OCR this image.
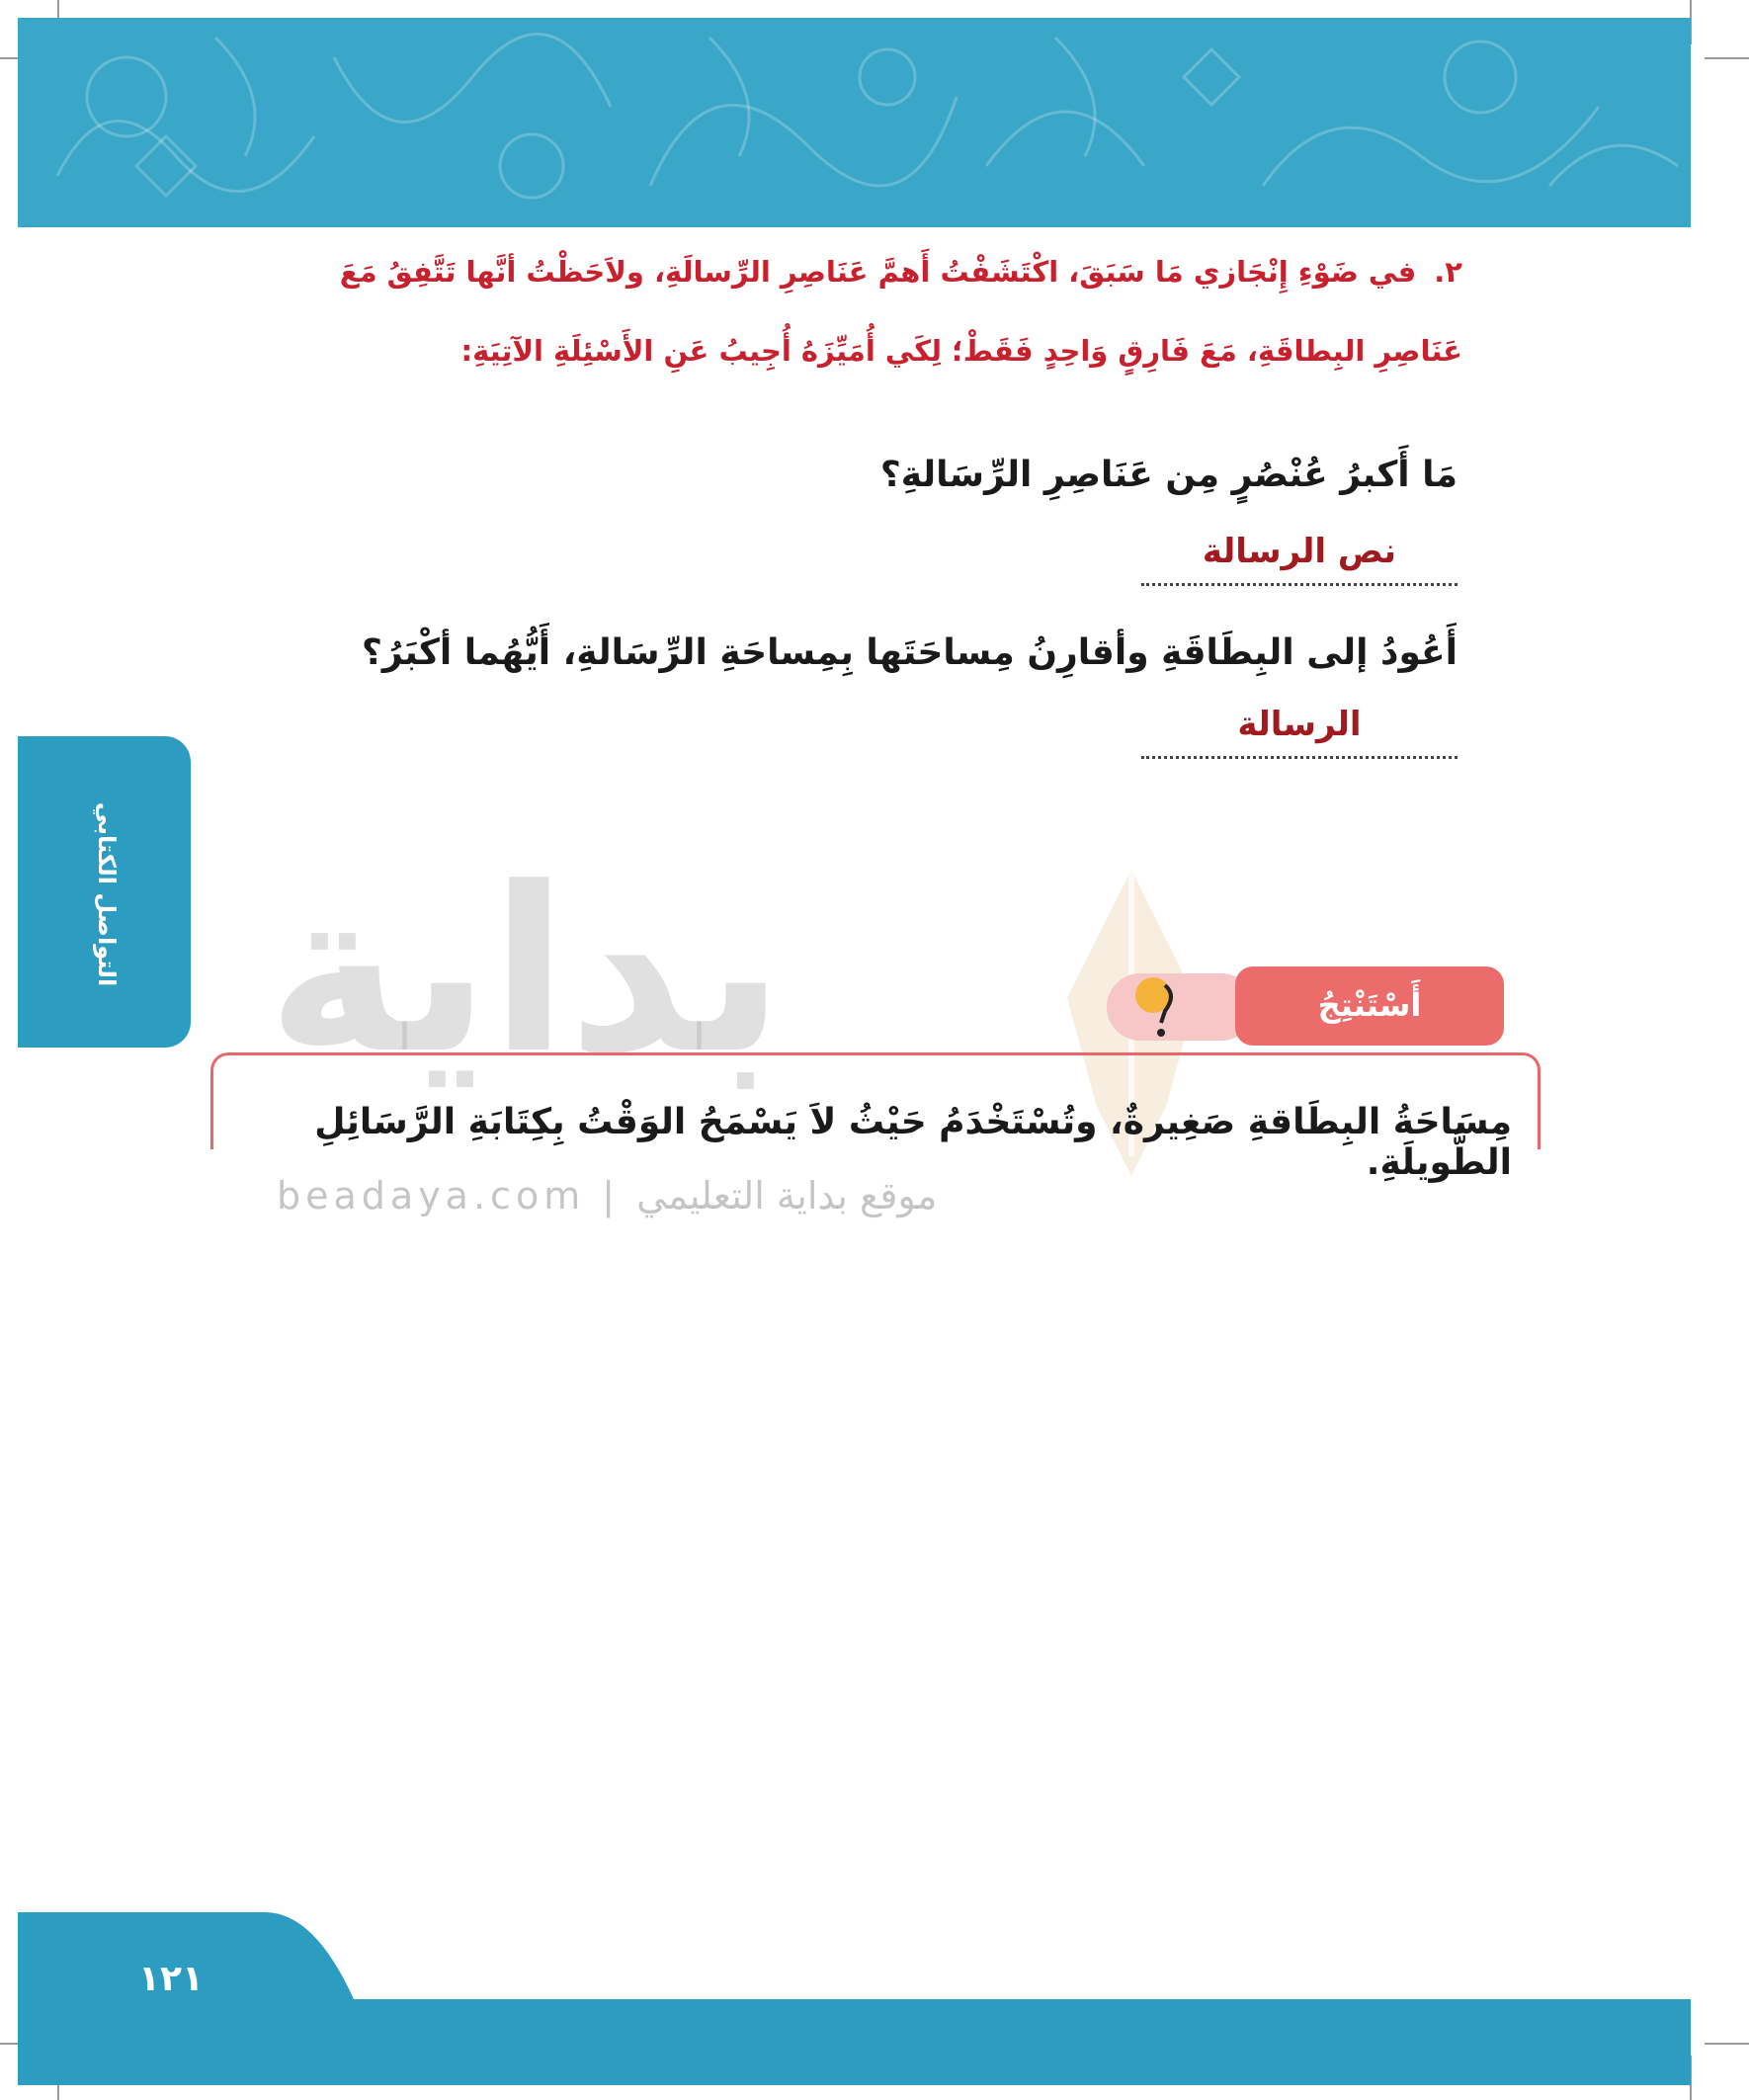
٢.في ضَوْءِ إِنْجَازي مَا سَبَقَ، اكْتَشَفْتُ أَهمَّ عَنَاصِرِ الرِّسالَةِ، ولاَحَظْتُ أنَّها تَتَّفِقُ مَعَ
عَنَاصِرِ البِطاقَةِ، مَعَ فَارِقٍ وَاحِدٍ فَقَطْ؛ لِكَي أُمَيِّزَهُ أُجِيبُ عَنِ الأَسْئِلَةِ الآتِيَةِ:
مَا أَكبرُ عُنْصُرٍ مِن عَنَاصِرِ الرِّسَالةِ؟
نص الرسالة
أَعُودُ إلى البِطَاقَةِ وأقارِنُ مِساحَتَها بِمِساحَةِ الرِّسَالةِ، أَيُّهُما أكْبَرُ؟
الرسالة
التواصل الكتابي بداية
beadaya.com | موقع بداية التعليمي
أَسْتَنْتِجُ
مِسَاحَةُ البِطَاقةِ صَغِيرةٌ، وتُسْتَخْدَمُ حَيْثُ لاَ يَسْمَحُ الوَقْتُ بِكِتَابَةِ الرَّسَائِلِ الطَّويلَةِ.
١٢١
